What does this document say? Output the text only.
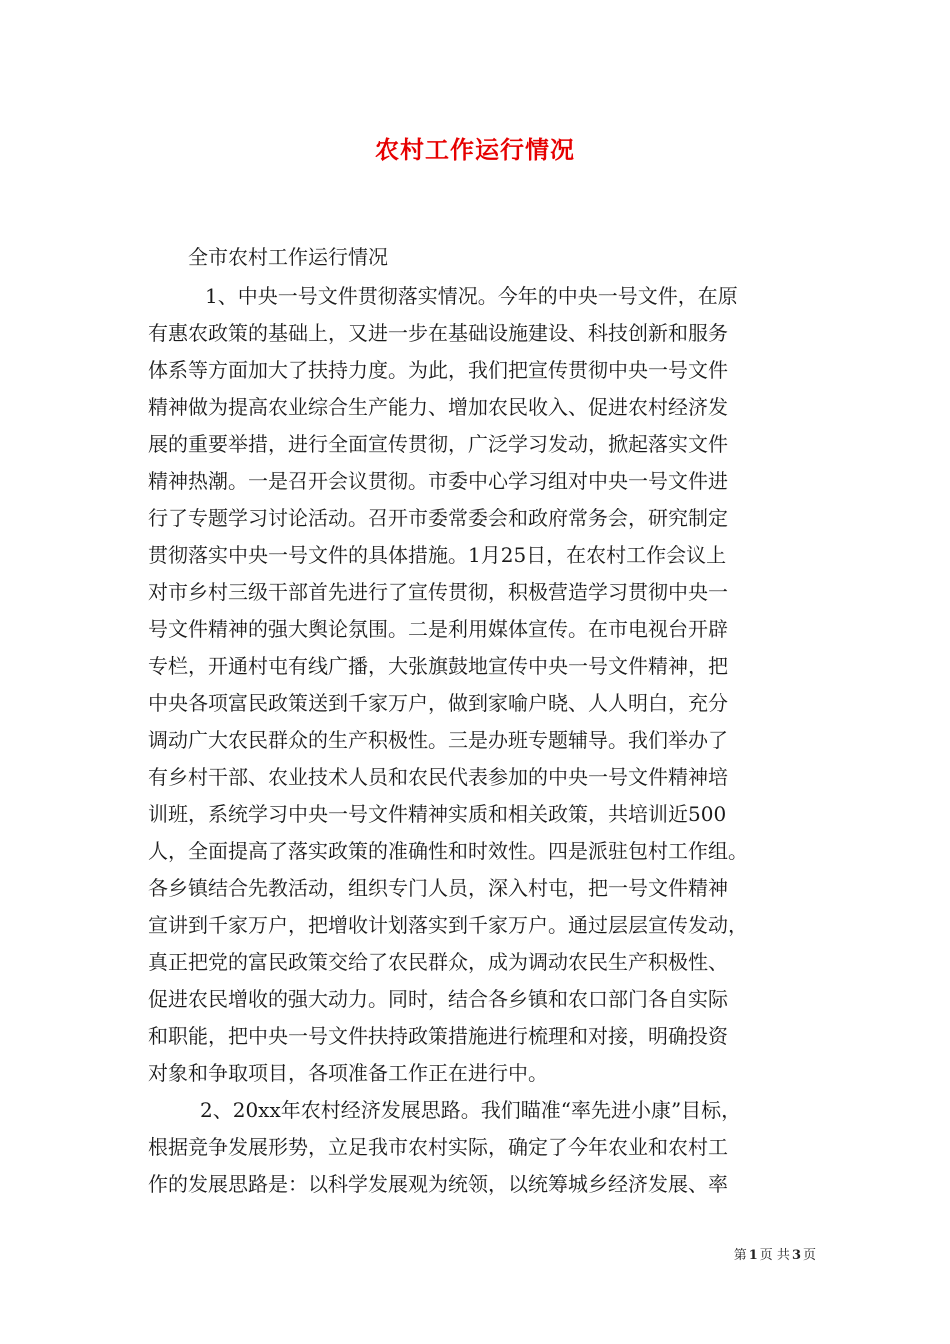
农村工作运行情况
全市农村工作运行情况
1、中央一号文件贯彻落实情况。今年的中央一号文件，在原
有惠农政策的基础上，又进一步在基础设施建设、科技创新和服务
体系等方面加大了扶持力度。为此，我们把宣传贯彻中央一号文件
精神做为提高农业综合生产能力、增加农民收入、促进农村经济发
展的重要举措，进行全面宣传贯彻，广泛学习发动，掀起落实文件
精神热潮。一是召开会议贯彻。市委中心学习组对中央一号文件进
行了专题学习讨论活动。召开市委常委会和政府常务会，研究制定
贯彻落实中央一号文件的具体措施。1月25日，在农村工作会议上
对市乡村三级干部首先进行了宣传贯彻，积极营造学习贯彻中央一
号文件精神的强大舆论氛围。二是利用媒体宣传。在市电视台开辟
专栏，开通村屯有线广播，大张旗鼓地宣传中央一号文件精神，把
中央各项富民政策送到千家万户，做到家喻户晓、人人明白，充分
调动广大农民群众的生产积极性。三是办班专题辅导。我们举办了
有乡村干部、农业技术人员和农民代表参加的中央一号文件精神培
训班，系统学习中央一号文件精神实质和相关政策，共培训近500
人，全面提高了落实政策的准确性和时效性。四是派驻包村工作组。
各乡镇结合先教活动，组织专门人员，深入村屯，把一号文件精神
宣讲到千家万户，把增收计划落实到千家万户。通过层层宣传发动，
真正把党的富民政策交给了农民群众，成为调动农民生产积极性、
促进农民增收的强大动力。同时，结合各乡镇和农口部门各自实际
和职能，把中央一号文件扶持政策措施进行梳理和对接，明确投资
对象和争取项目，各项准备工作正在进行中。
2、20xx年农村经济发展思路。我们瞄准“率先进小康”目标，
根据竞争发展形势，立足我市农村实际，确定了今年农业和农村工
作的发展思路是：以科学发展观为统领，以统筹城乡经济发展、率
第 1 页 共 3 页
